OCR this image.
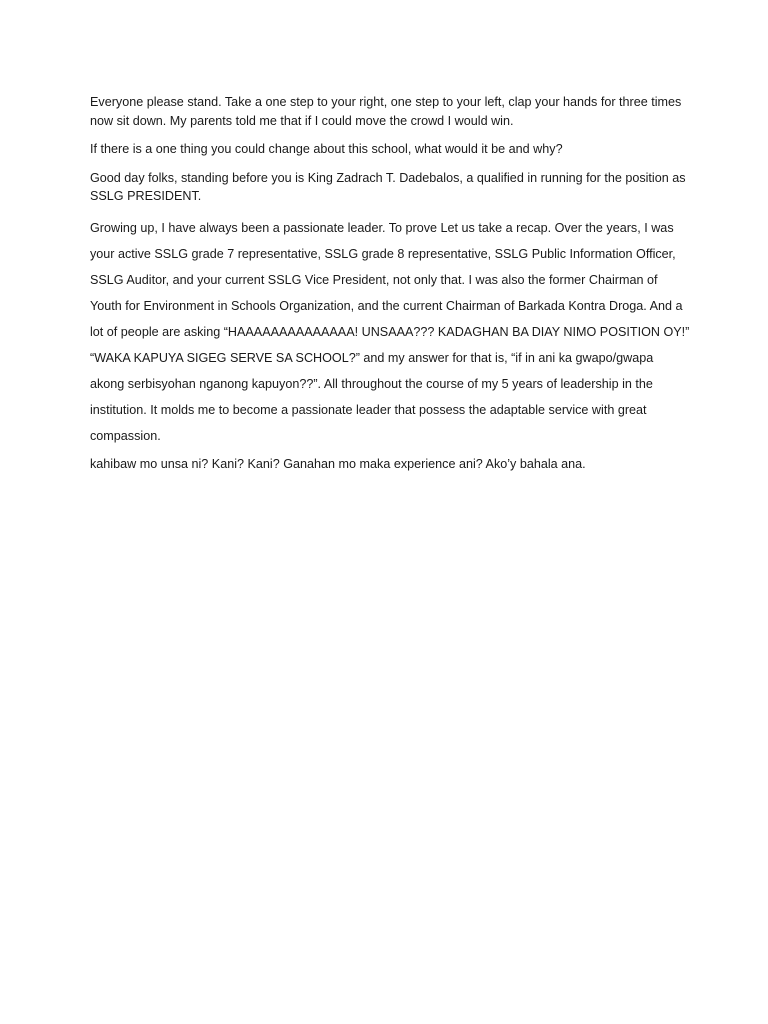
Everyone please stand. Take a one step to your right, one step to your left, clap your hands for three times now sit down. My parents told me that if I could move the crowd I would win.

If there is a one thing you could change about this school, what would it be and why?

Good day folks, standing before you is King Zadrach T. Dadebalos, a qualified in running for the position as SSLG PRESIDENT.

Growing up, I have always been a passionate leader. To prove Let us take a recap. Over the years, I was your active SSLG grade 7 representative, SSLG grade 8 representative, SSLG Public Information Officer, SSLG Auditor, and your current SSLG Vice President, not only that. I was also the former Chairman of Youth for Environment in Schools Organization, and the current Chairman of Barkada Kontra Droga. And a lot of people are asking “HAAAAAAAAAAAAAA! UNSAAA??? KADAGHAN BA DIAY NIMO POSITION OY!” “WAKA KAPUYA SIGEG SERVE SA SCHOOL?” and my answer for that is, “if in ani ka gwapo/gwapa akong serbisyohan nganong kapuyon??”. All throughout the course of my 5 years of leadership in the institution. It molds me to become a passionate leader that possess the adaptable service with great compassion.

kahibaw mo unsa ni? Kani? Kani? Ganahan mo maka experience ani? Ako’y bahala ana.
